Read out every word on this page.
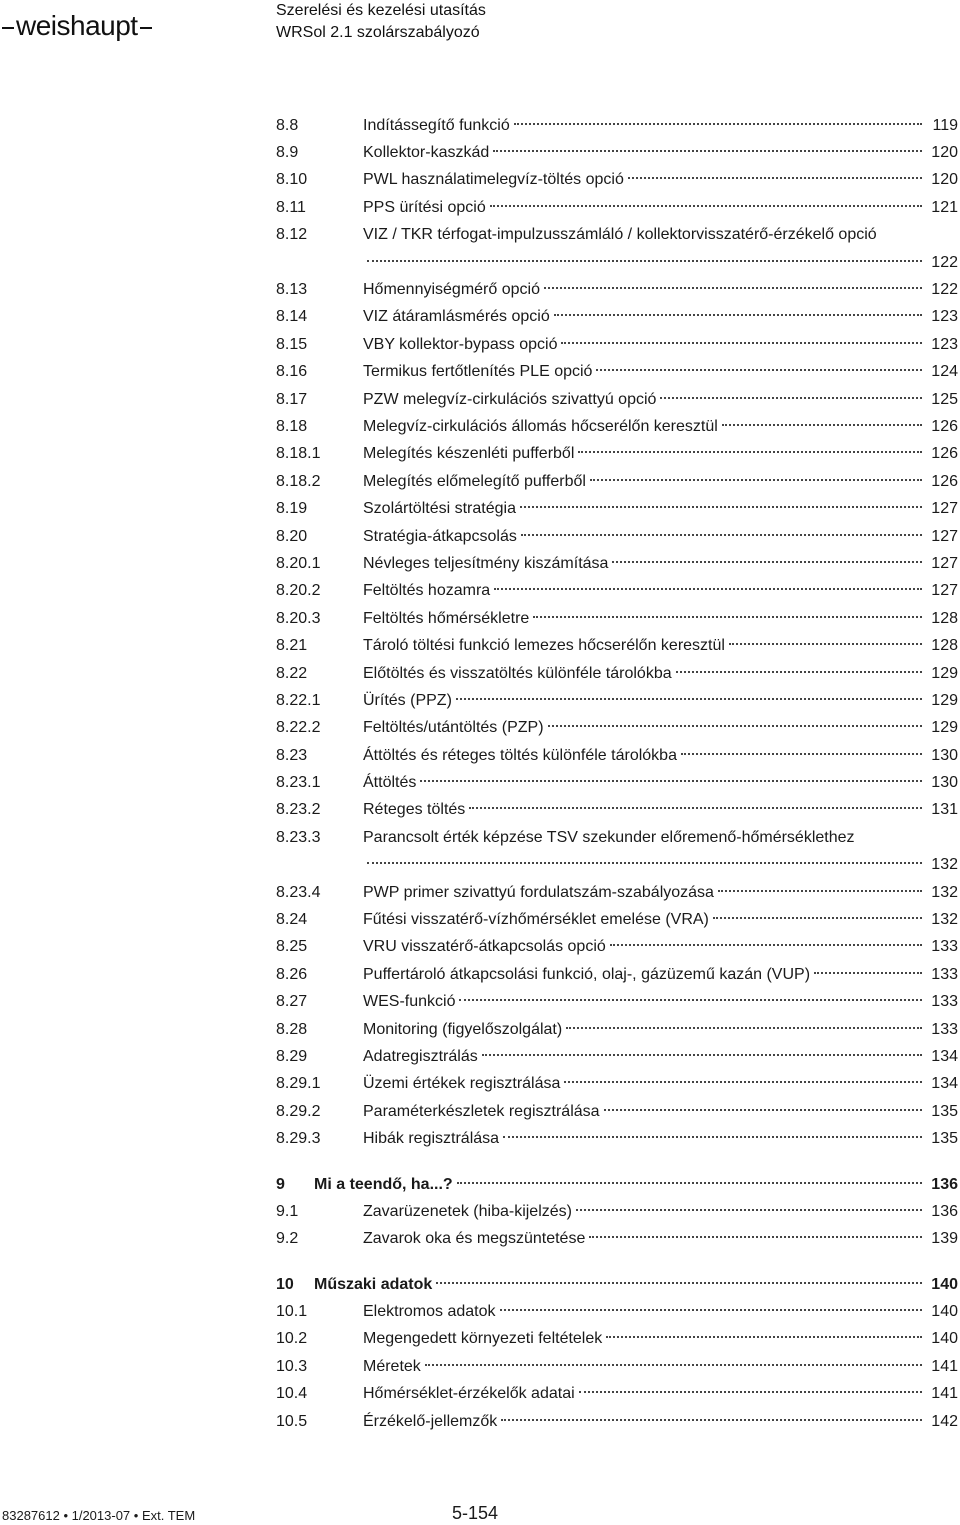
weishaupt	Szerelési és kezelési utasítás
WRSol 2.1 szolárszabályozó
8.8	Indítássegítő funkció	119
8.9	Kollektor-kaszkád	120
8.10	PWL használatimelegvíz-töltés opció	120
8.11	PPS ürítési opció	121
8.12	VIZ / TKR térfogat-impulzusszámláló / kollektorvisszatérő-érzékelő opció
122
8.13	Hőmennyiségmérő opció	122
8.14	VIZ átáramlásmérés opció	123
8.15	VBY kollektor-bypass opció	123
8.16	Termikus fertőtlenítés PLE opció	124
8.17	PZW melegvíz-cirkulációs szivattyú opció	125
8.18	Melegvíz-cirkulációs állomás hőcserélőn keresztül	126
8.18.1	Melegítés készenléti pufferből	126
8.18.2	Melegítés előmelegítő pufferből	126
8.19	Szolártöltési stratégia	127
8.20	Stratégia-átkapcsolás	127
8.20.1	Névleges teljesítmény kiszámítása	127
8.20.2	Feltöltés hozamra	127
8.20.3	Feltöltés hőmérsékletre	128
8.21	Tároló töltési funkció lemezes hőcserélőn keresztül	128
8.22	Előtöltés és visszatöltés különféle tárolókba	129
8.22.1	Ürítés (PPZ)	129
8.22.2	Feltöltés/utántöltés (PZP)	129
8.23	Áttöltés és réteges töltés különféle tárolókba	130
8.23.1	Áttöltés	130
8.23.2	Réteges töltés	131
8.23.3	Parancsolt érték képzése TSV szekunder előremenő-hőmérséklethez
132
8.23.4	PWP primer szivattyú fordulatszám-szabályozása	132
8.24	Fűtési visszatérő-vízhőmérséklet emelése (VRA)	132
8.25	VRU visszatérő-átkapcsolás opció	133
8.26	Puffertároló átkapcsolási funkció, olaj-, gázüzemű kazán (VUP)	133
8.27	WES-funkció	133
8.28	Monitoring (figyelőszolgálat)	133
8.29	Adatregisztrálás	134
8.29.1	Üzemi értékek regisztrálása	134
8.29.2	Paraméterkészletek regisztrálása	135
8.29.3	Hibák regisztrálása	135
9	Mi a teendő, ha...?	136
9.1	Zavarüzenetek (hiba-kijelzés)	136
9.2	Zavarok oka és megszüntetése	139
10	Műszaki adatok	140
10.1	Elektromos adatok	140
10.2	Megengedett környezeti feltételek	140
10.3	Méretek	141
10.4	Hőmérséklet-érzékelők adatai	141
10.5	Érzékelő-jellemzők	142
83287612 • 1/2013-07 • Ext. TEM	5-154
